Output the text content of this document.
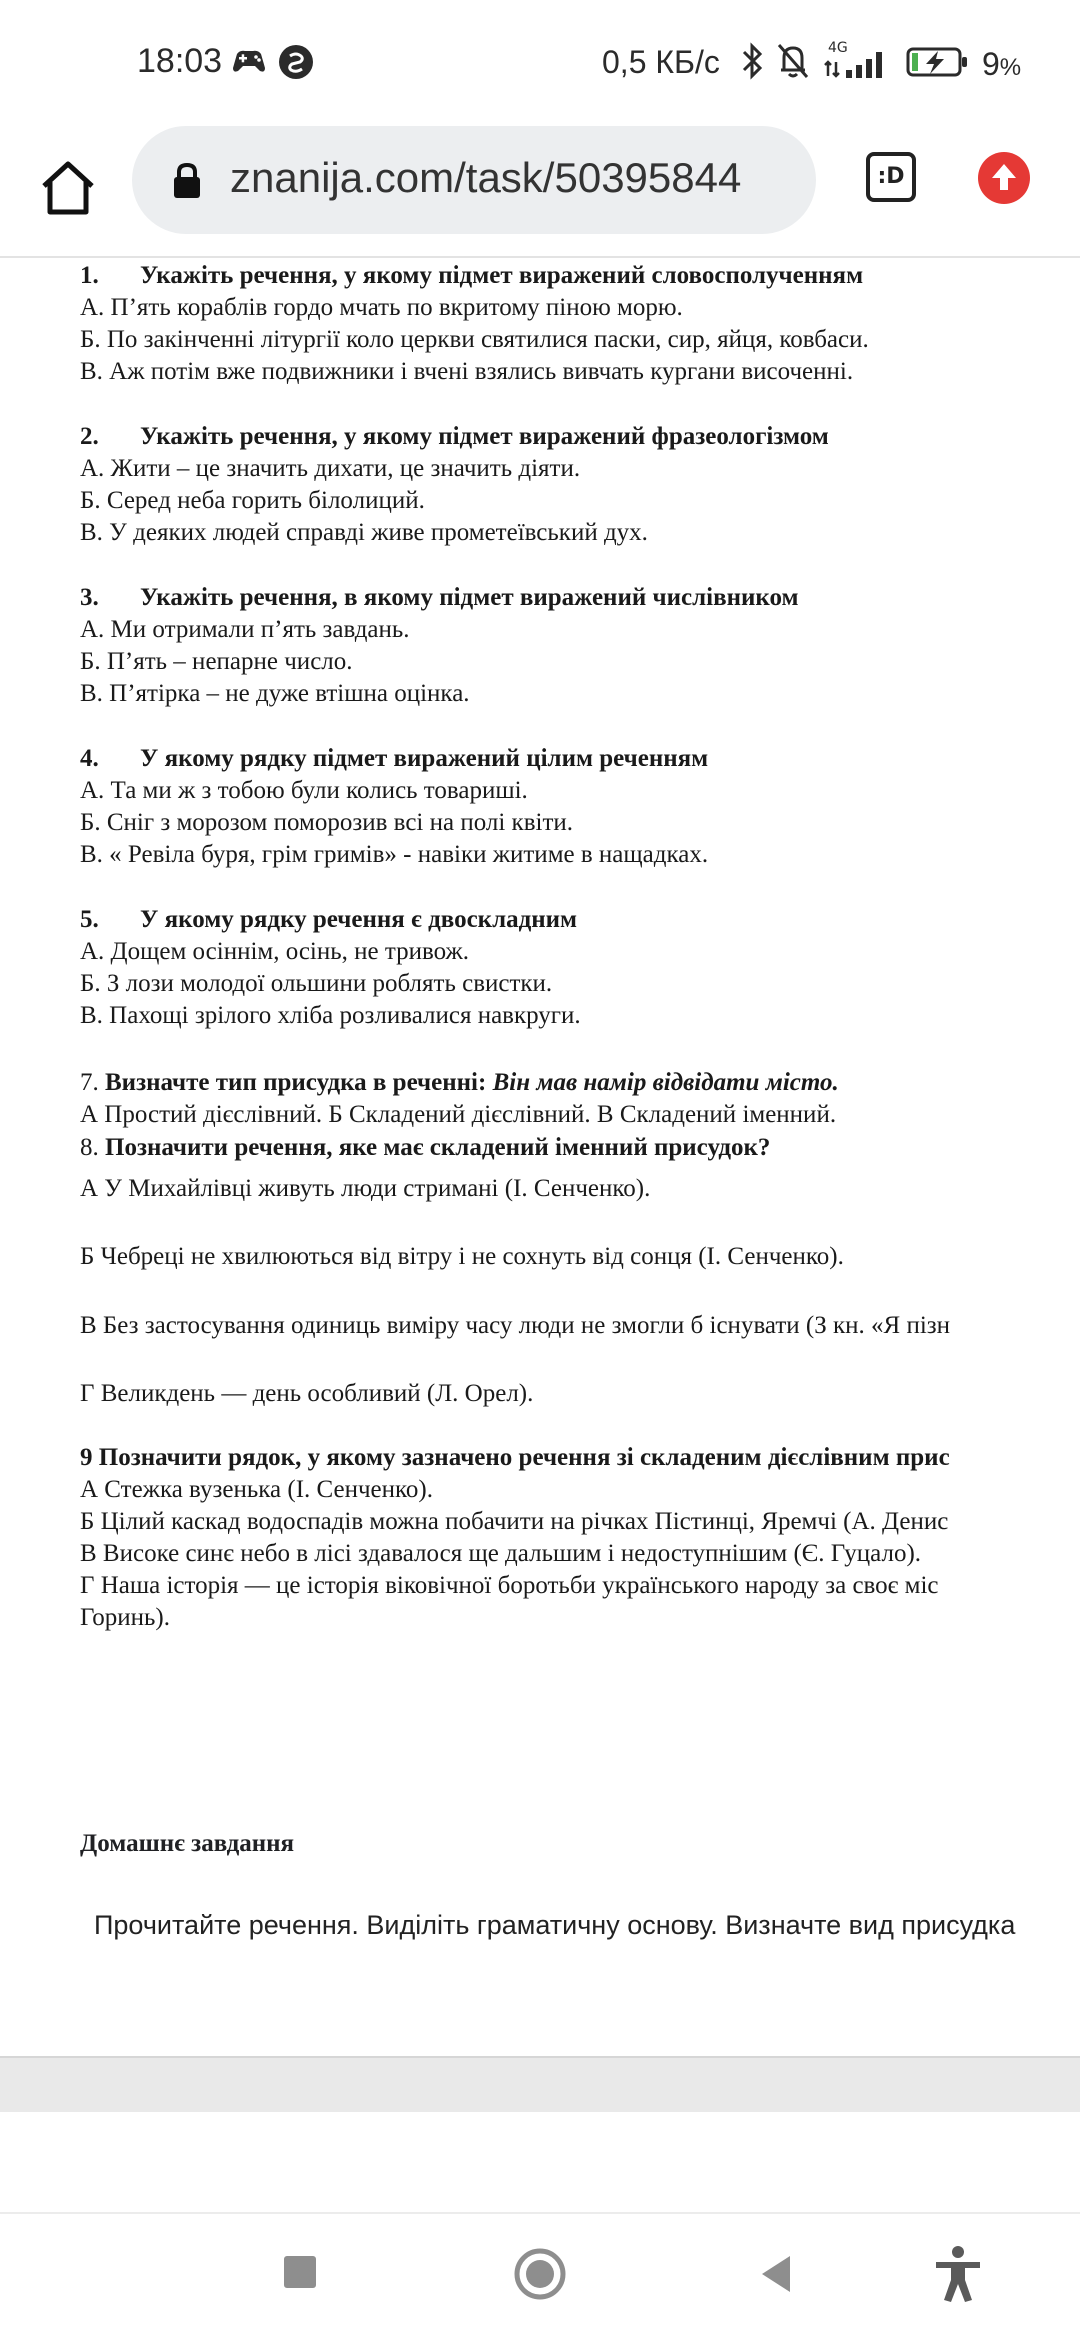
18:03	0,5 КБ/с	4G	9%
znanija.com/task/50395844	:D
1. Укажіть речення, у якому підмет виражений словосполученням
А. П’ять кораблів гордо мчать по вкритому піною морю.
Б. По закінченні літургії коло церкви святилися паски, сир, яйця, ковбаси.
В. Аж потім вже подвижники і вчені взялись вивчать кургани височенні.
2. Укажіть речення, у якому підмет виражений фразеологізмом
А. Жити – це значить дихати, це значить діяти.
Б. Серед неба горить білолиций.
В. У деяких людей справді живе прометеївський дух.
3. Укажіть речення, в якому підмет виражений числівником
А. Ми отримали п’ять завдань.
Б. П’ять – непарне число.
В. П’ятірка – не дуже втішна оцінка.
4. У якому рядку підмет виражений цілим реченням
А. Та ми ж з тобою були колись товариші.
Б. Сніг з морозом поморозив всі на полі квіти.
В. « Ревіла буря, грім гримів» - навіки житиме в нащадках.
5. У якому рядку речення є двоскладним
А. Дощем осіннім, осінь, не тривож.
Б. З лози молодої ольшини роблять свистки.
В. Пахощі зрілого хліба розливалися навкруги.
7. Визначте тип присудка в реченні: Він мав намір відвідати місто.
А Простий дієслівний. Б Складений дієслівний. В Складений іменний.
8. Позначити речення, яке має складений іменний присудок?
А У Михайлівці живуть люди стримані (І. Сенченко).
Б Чебреці не хвилюються від вітру і не сохнуть від сонця (І. Сенченко).
В Без застосування одиниць виміру часу люди не змогли б існувати (З кн. «Я пізн
Г Великдень — день особливий (Л. Орел).
9 Позначити рядок, у якому зазначено речення зі складеним дієслівним прис
А Стежка вузенька (І. Сенченко).
Б Цілий каскад водоспадів можна побачити на річках Пістинці, Яремчі (А. Денис
В Високе синє небо в лісі здавалося ще дальшим і недоступнішим (Є. Гуцало).
Г Наша історія — це історія віковічної боротьби українського народу за своє міс
Горинь).
Домашнє завдання
Прочитайте речення. Виділіть граматичну основу. Визначте вид присудка
